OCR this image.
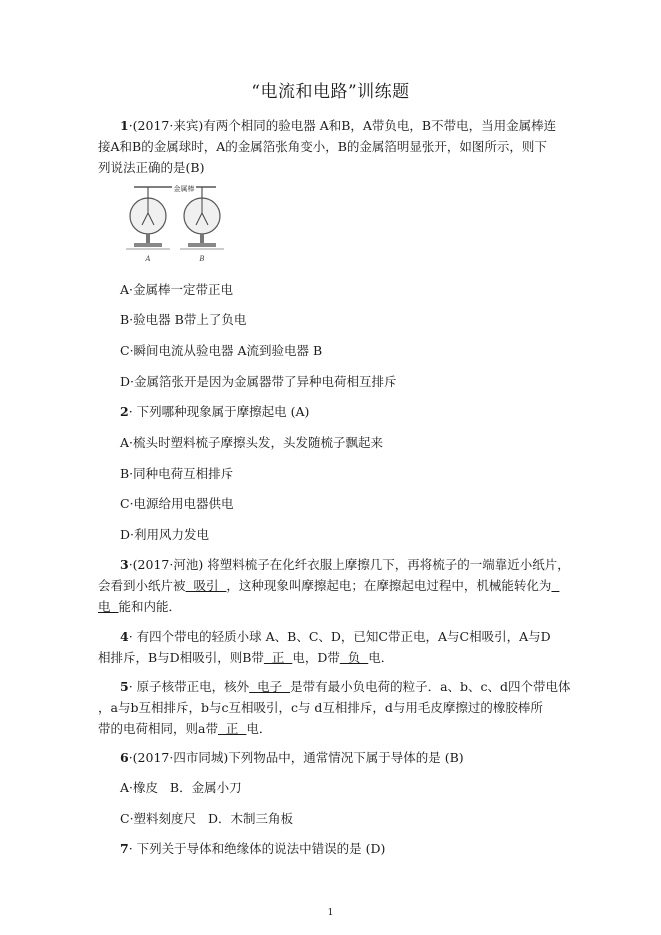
“电流和电路”训练题
1·(2017·来宾)有两个相同的验电器 A和B，A带负电，B不带电，当用金属棒连
接A和B的金属球时，A的金属箔张角变小，B的金属箔明显张开，如图所示，则下
列说法正确的是(B)
金属棒
A	B
A·金属棒一定带正电
B·验电器 B带上了负电
C·瞬间电流从验电器 A流到验电器 B
D·金属箔张开是因为金属器带了异种电荷相互排斥
2· 下列哪种现象属于摩擦起电 (A)
A·梳头时塑料梳子摩擦头发，头发随梳子飘起来
B·同种电荷互相排斥
C·电源给用电器供电
D·利用风力发电
3·(2017·河池) 将塑料梳子在化纤衣服上摩擦几下，再将梳子的一端靠近小纸片，
会看到小纸片被  吸引  ，这种现象叫摩擦起电；在摩擦起电过程中，机械能转化为
电 能和内能．
4· 有四个带电的轻质小球 A、B、C、D，已知C带正电，A与C相吸引，A与D
相排斥，B与D相吸引，则B带  正  电，D带  负  电．
5· 原子核带正电，核外  电子  是带有最小负电荷的粒子．a、b、c、d四个带电体
，a与b互相排斥，b与c互相吸引，c与 d互相排斥，d与用毛皮摩擦过的橡胶棒所
带的电荷相同，则a带  正  电．
6·(2017·四市同城)下列物品中，通常情况下属于导体的是 (B)
A·橡皮   B．金属小刀
C·塑料刻度尺   D．木制三角板
7· 下列关于导体和绝缘体的说法中错误的是 (D)
1
